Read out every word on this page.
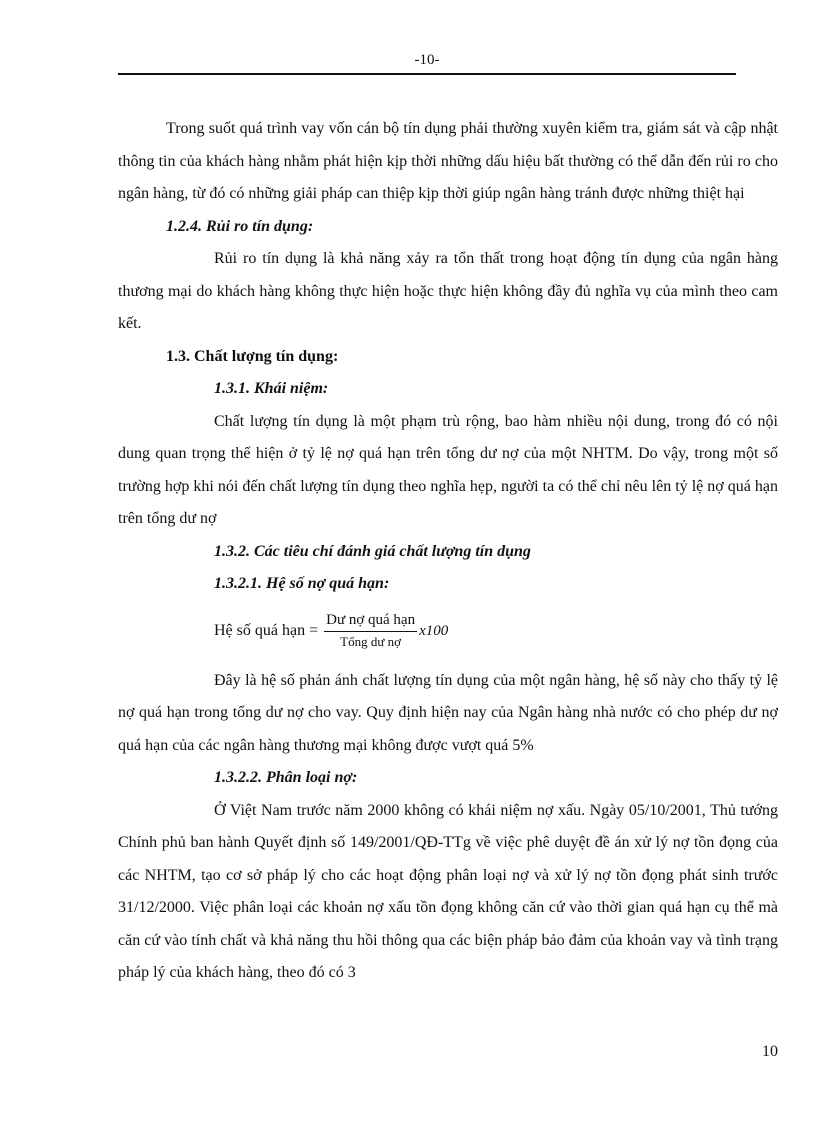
-10-

Trong suốt quá trình vay vốn cán bộ tín dụng phải thường xuyên kiểm tra, giám sát và cập nhật thông tin của khách hàng nhằm phát hiện kịp thời những dấu hiệu bất thường có thể dẫn đến rủi ro cho ngân hàng, từ đó có những giải pháp can thiệp kịp thời giúp ngân hàng tránh được những thiệt hại

1.2.4. Rủi ro tín dụng:

Rủi ro tín dụng là khả năng xảy ra tổn thất trong hoạt động tín dụng của ngân hàng thương mại do khách hàng không thực hiện hoặc thực hiện không đầy đủ nghĩa vụ của mình theo cam kết.

1.3. Chất lượng tín dụng:

1.3.1. Khái niệm:

Chất lượng tín dụng là một phạm trù rộng, bao hàm nhiều nội dung, trong đó có nội dung quan trọng thể hiện ở tỷ lệ nợ quá hạn trên tổng dư nợ của một NHTM. Do vậy, trong một số trường hợp khi nói đến chất lượng tín dụng theo nghĩa hẹp, người ta có thể chỉ nêu lên tỷ lệ nợ quá hạn trên tổng dư nợ

1.3.2. Các tiêu chí đánh giá chất lượng tín dụng

1.3.2.1. Hệ số nợ quá hạn:

Hệ số quá hạn = $\frac{\text{Dư nợ quá hạn}}{\text{Tổng dư nợ}} x100$

Đây là hệ số phản ánh chất lượng tín dụng của một ngân hàng, hệ số này cho thấy tỷ lệ nợ quá hạn trong tổng dư nợ cho vay. Quy định hiện nay của Ngân hàng nhà nước có cho phép dư nợ quá hạn của các ngân hàng thương mại không được vượt quá 5%

1.3.2.2. Phân loại nợ:

Ở Việt Nam trước năm 2000 không có khái niệm nợ xấu. Ngày 05/10/2001, Thủ tướng Chính phủ ban hành Quyết định số 149/2001/QĐ-TTg về việc phê duyệt đề án xử lý nợ tồn đọng của các NHTM, tạo cơ sở pháp lý cho các hoạt động phân loại nợ và xử lý nợ tồn đọng phát sinh trước 31/12/2000. Việc phân loại các khoản nợ xấu tồn đọng không căn cứ vào thời gian quá hạn cụ thể mà căn cứ vào tính chất và khả năng thu hồi thông qua các biện pháp bảo đảm của khoản vay và tình trạng pháp lý của khách hàng, theo đó có 3

10
